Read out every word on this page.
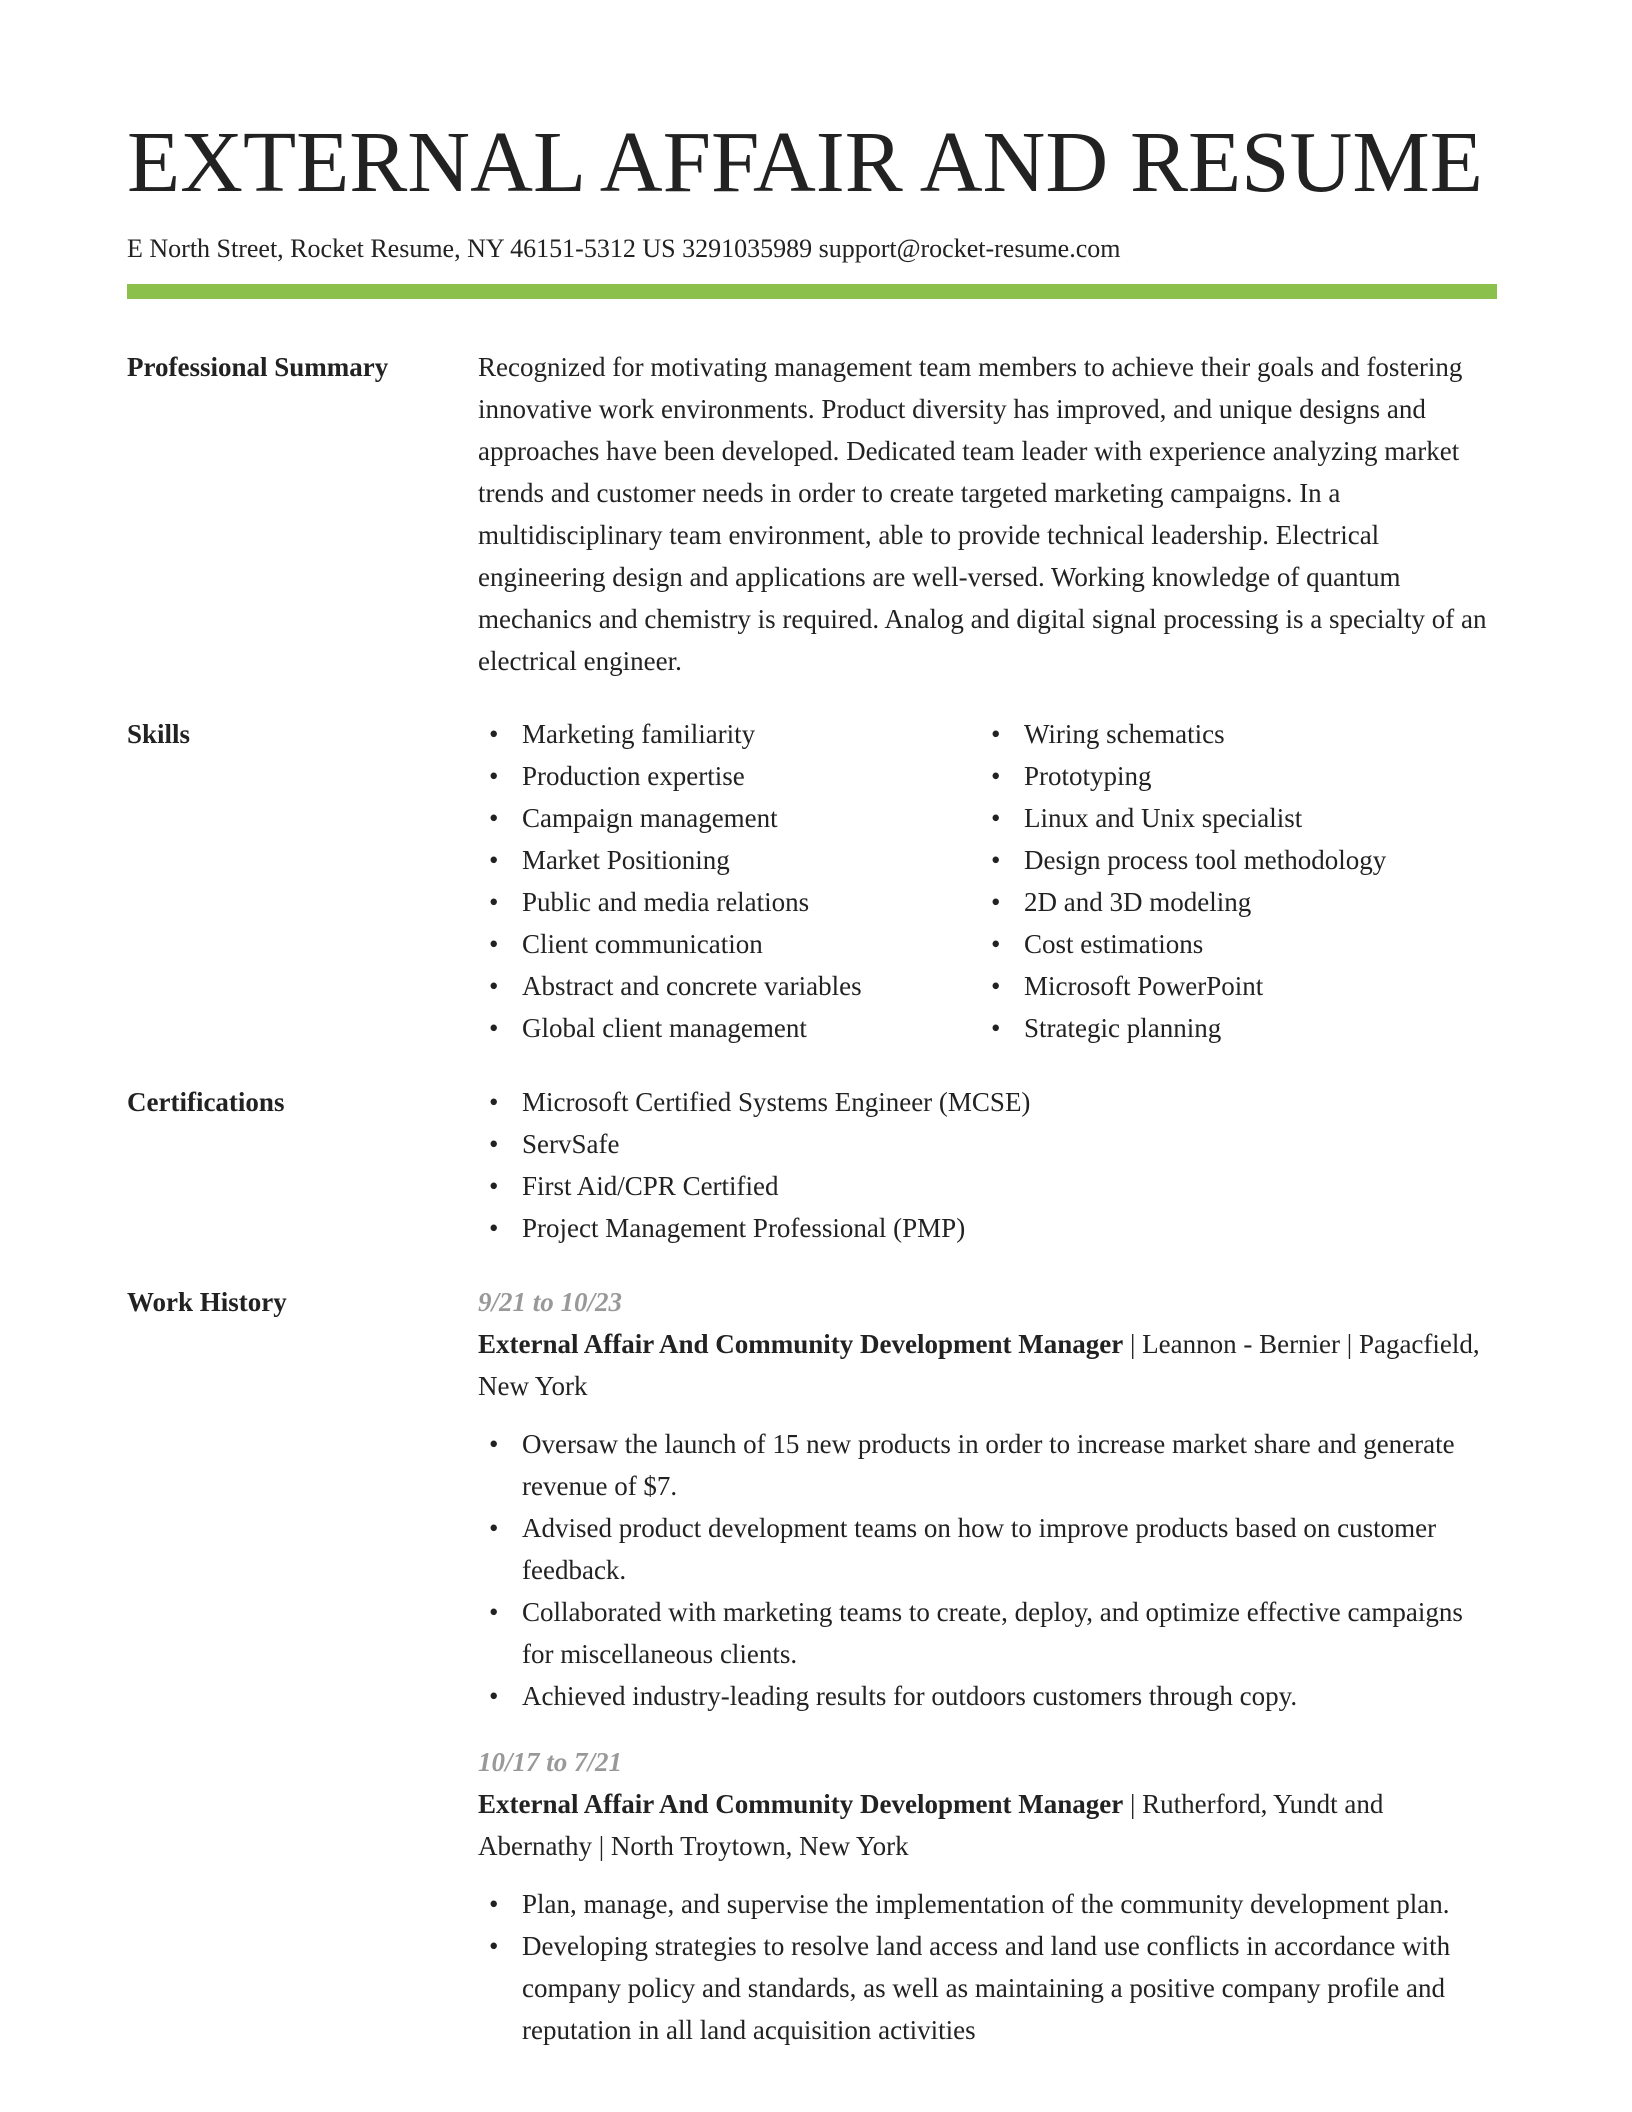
EXTERNAL AFFAIR AND RESUME
E North Street, Rocket Resume, NY 46151-5312 US 3291035989 support@rocket-resume.com
Professional Summary	Recognized for motivating management team members to achieve their goals and fostering innovative work environments. Product diversity has improved, and unique designs and approaches have been developed. Dedicated team leader with experience analyzing market trends and customer needs in order to create targeted marketing campaigns. In a multidisciplinary team environment, able to provide technical leadership. Electrical engineering design and applications are well-versed. Working knowledge of quantum mechanics and chemistry is required. Analog and digital signal processing is a specialty of an electrical engineer.

Skills	• Marketing familiarity
• Production expertise
• Campaign management
• Market Positioning
• Public and media relations
• Client communication
• Abstract and concrete variables
• Global client management
• Wiring schematics
• Prototyping
• Linux and Unix specialist
• Design process tool methodology
• 2D and 3D modeling
• Cost estimations
• Microsoft PowerPoint
• Strategic planning
Certifications	• Microsoft Certified Systems Engineer (MCSE)
• ServSafe
• First Aid/CPR Certified
• Project Management Professional (PMP)
Work History	9/21 to 10/23
External Affair And Community Development Manager | Leannon - Bernier | Pagacfield, New York
• Oversaw the launch of 15 new products in order to increase market share and generate revenue of $7.
• Advised product development teams on how to improve products based on customer feedback.
• Collaborated with marketing teams to create, deploy, and optimize effective campaigns for miscellaneous clients.
• Achieved industry-leading results for outdoors customers through copy.
10/17 to 7/21
External Affair And Community Development Manager | Rutherford, Yundt and Abernathy | North Troytown, New York
• Plan, manage, and supervise the implementation of the community development plan.
• Developing strategies to resolve land access and land use conflicts in accordance with company policy and standards, as well as maintaining a positive company profile and reputation in all land acquisition activities
